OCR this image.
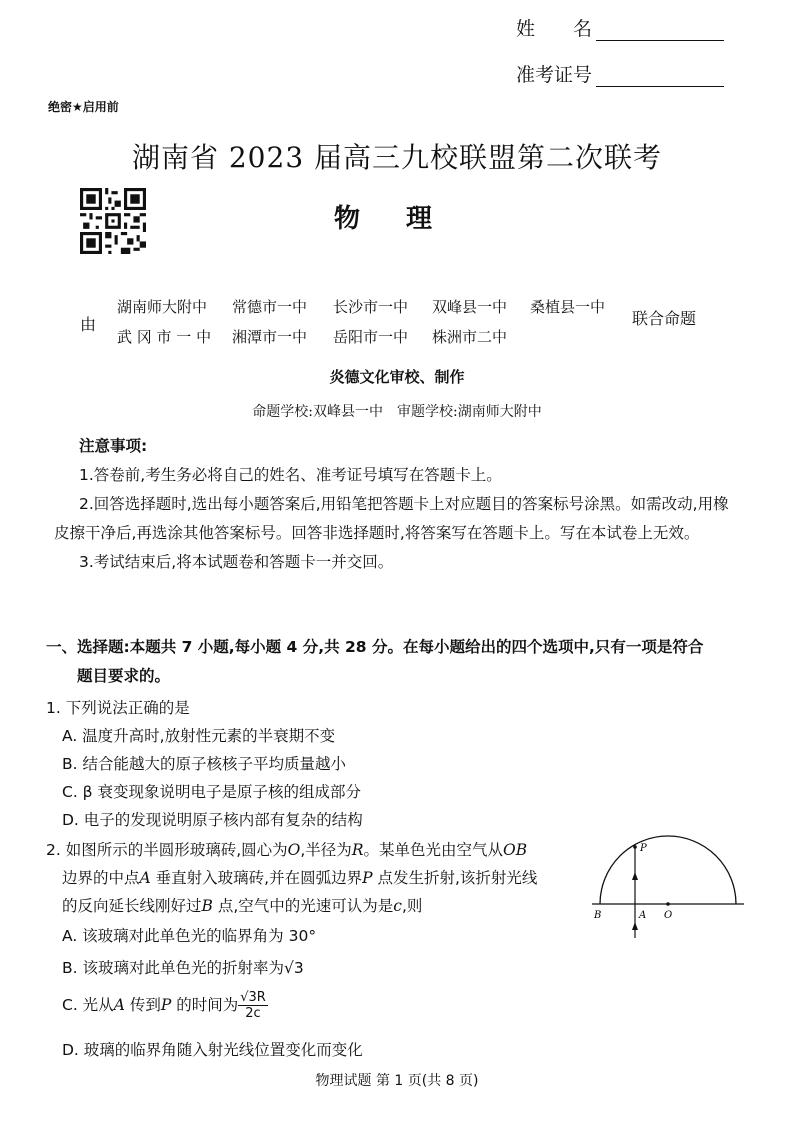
姓　　名
准考证号
绝密★启用前
湖南省 2023 届高三九校联盟第二次联考
物理
由
湖南师大附中 常德市一中 长沙市一中 双峰县一中 桑植县一中
武 冈 市 一 中 湘潭市一中 岳阳市一中 株洲市二中
联合命题
炎德文化审校、制作
命题学校:双峰县一中　审题学校:湖南师大附中
注意事项:
1.答卷前,考生务必将自己的姓名、准考证号填写在答题卡上。
2.回答选择题时,选出每小题答案后,用铅笔把答题卡上对应题目的答案标号涂黑。如需改动,用橡皮擦干净后,再选涂其他答案标号。回答非选择题时,将答案写在答题卡上。写在本试卷上无效。
3.考试结束后,将本试题卷和答题卡一并交回。
一、选择题:本题共 7 小题,每小题 4 分,共 28 分。在每小题给出的四个选项中,只有一项是符合
题目要求的。
1. 下列说法正确的是
A. 温度升高时,放射性元素的半衰期不变
B. 结合能越大的原子核核子平均质量越小
C. β 衰变现象说明电子是原子核的组成部分
D. 电子的发现说明原子核内部有复杂的结构
2. 如图所示的半圆形玻璃砖,圆心为O,半径为R。某单色光由空气从OB
边界的中点A 垂直射入玻璃砖,并在圆弧边界P 点发生折射,该折射光线
的反向延长线刚好过B 点,空气中的光速可认为是c,则
A. 该玻璃对此单色光的临界角为 30°
B. 该玻璃对此单色光的折射率为√3
C. 光从A 传到P 的时间为 $\frac{√3R}{2c}$
D. 玻璃的临界角随入射光线位置变化而变化
P
B	A O
物理试题 第 1 页(共 8 页)
